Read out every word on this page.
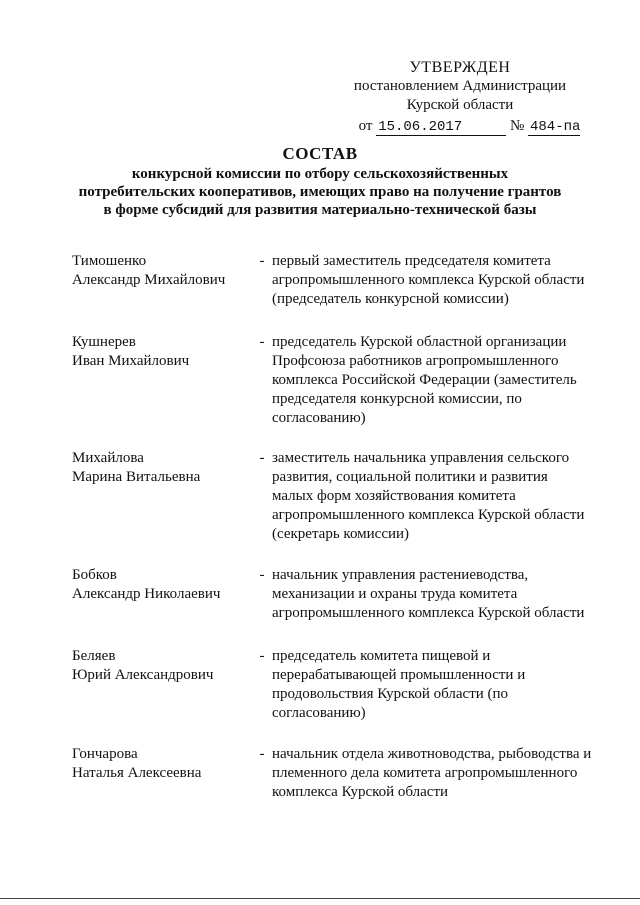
УТВЕРЖДЕН
постановлением Администрации
Курской области
от 15.06.2017	№ 484-па
СОСТАВ
конкурсной комиссии по отбору сельскохозяйственных
потребительских кооперативов, имеющих право на получение грантов
в форме субсидий для развития материально-технической базы
Тимошенко
Александр Михайлович
- первый заместитель председателя комитета агропромышленного комплекса Курской области (председатель конкурсной комиссии)
Кушнерев
Иван Михайлович
- председатель Курской областной организации Профсоюза работников агропромышленного комплекса Российской Федерации (заместитель председателя конкурсной комиссии, по согласованию)
Михайлова
Марина Витальевна
- заместитель начальника управления сельского развития, социальной политики и развития малых форм хозяйствования комитета агропромышленного комплекса Курской области (секретарь комиссии)
Бобков
Александр Николаевич
- начальник управления растениеводства, механизации и охраны труда комитета агропромышленного комплекса Курской области
Беляев
Юрий Александрович
- председатель комитета пищевой и перерабатывающей промышленности и продовольствия Курской области (по согласованию)
Гончарова
Наталья Алексеевна
- начальник отдела животноводства, рыбоводства и племенного дела комитета агропромышленного комплекса Курской области
